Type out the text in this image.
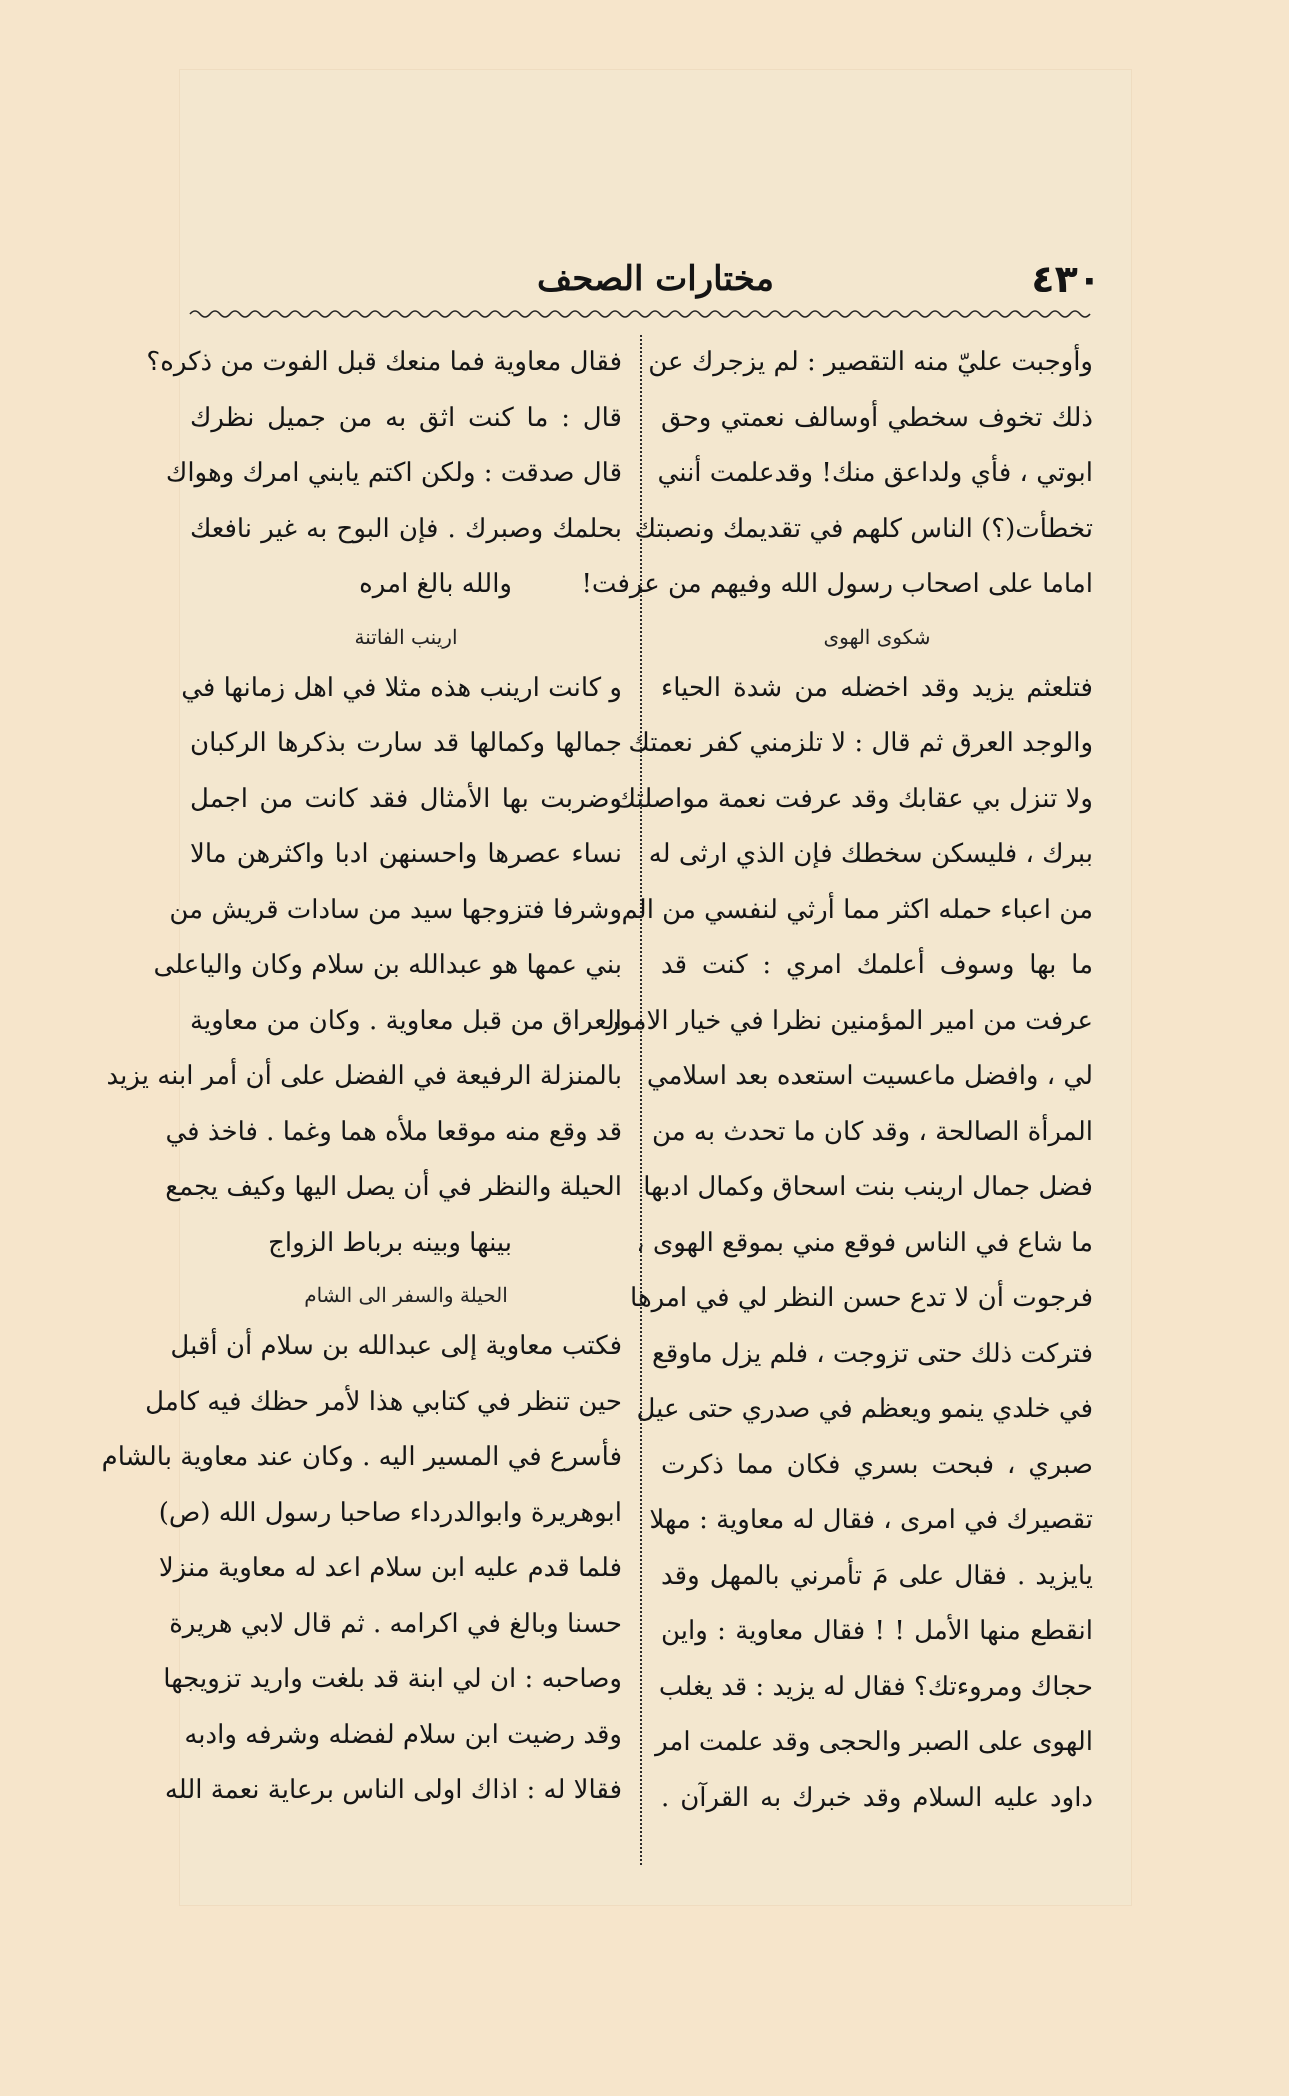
٤٣٠
مختارات الصحف
وأوجبت عليّ منه التقصير : لم يزجرك عن
ذلك تخوف سخطي أوسالف نعمتي وحق
ابوتي ، فأي ولداعق منك! وقدعلمت أنني
تخطأت(؟) الناس كلهم في تقديمك ونصبتك
اماما على اصحاب رسول الله وفيهم من عرفت!
شكوى الهوى
فتلعثم يزيد وقد اخضله من شدة الحياء
والوجد العرق ثم قال : لا تلزمني كفر نعمتك
ولا تنزل بي عقابك وقد عرفت نعمة مواصلتك
ببرك ، فليسكن سخطك فإن الذي ارثى له
من اعباء حمله اكثر مما أرثي لنفسي من الم
ما بها وسوف أعلمك امري : كنت قد
عرفت من امير المؤمنين نظرا في خيار الامور
لي ، وافضل ماعسيت استعده بعد اسلامي
المرأة الصالحة ، وقد كان ما تحدث به من
فضل جمال ارينب بنت اسحاق وكمال ادبها
ما شاع في الناس فوقع مني بموقع الهوى ،
فرجوت أن لا تدع حسن النظر لي في امرها
فتركت ذلك حتى تزوجت ، فلم يزل ماوقع
في خلدي ينمو ويعظم في صدري حتى عيل
صبري ، فبحت بسري فكان مما ذكرت
تقصيرك في امرى ، فقال له معاوية : مهلا
يايزيد . فقال على مَ تأمرني بالمهل وقد
انقطع منها الأمل ! ! فقال معاوية : واين
حجاك ومروءتك؟ فقال له يزيد : قد يغلب
الهوى على الصبر والحجى وقد علمت امر
داود عليه السلام وقد خبرك به القرآن .
فقال معاوية فما منعك قبل الفوت من ذكره؟
قال : ما كنت اثق به من جميل نظرك
قال صدقت : ولكن اكتم يابني امرك وهواك
بحلمك وصبرك . فإن البوح به غير نافعك
والله بالغ امره
ارينب الفاتنة
و كانت ارينب هذه مثلا في اهل زمانها في
جمالها وكمالها قد سارت بذكرها الركبان
وضربت بها الأمثال فقد كانت من اجمل
نساء عصرها واحسنهن ادبا واكثرهن مالا
وشرفا فتزوجها سيد من سادات قريش من
بني عمها هو عبدالله بن سلام وكان والياعلى
العراق من قبل معاوية . وكان من معاوية
بالمنزلة الرفيعة في الفضل على أن أمر ابنه يزيد
قد وقع منه موقعا ملأه هما وغما . فاخذ في
الحيلة والنظر في أن يصل اليها وكيف يجمع
بينها وبينه برباط الزواج
الحيلة والسفر الى الشام
فكتب معاوية إلى عبدالله بن سلام أن أقبل
حين تنظر في كتابي هذا لأمر حظك فيه كامل
فأسرع في المسير اليه . وكان عند معاوية بالشام
ابوهريرة وابوالدرداء صاحبا رسول الله (ص)
فلما قدم عليه ابن سلام اعد له معاوية منزلا
حسنا وبالغ في اكرامه . ثم قال لابي هريرة
وصاحبه : ان لي ابنة قد بلغت واريد تزويجها
وقد رضيت ابن سلام لفضله وشرفه وادبه
فقالا له : اذاك اولى الناس برعاية نعمة الله
